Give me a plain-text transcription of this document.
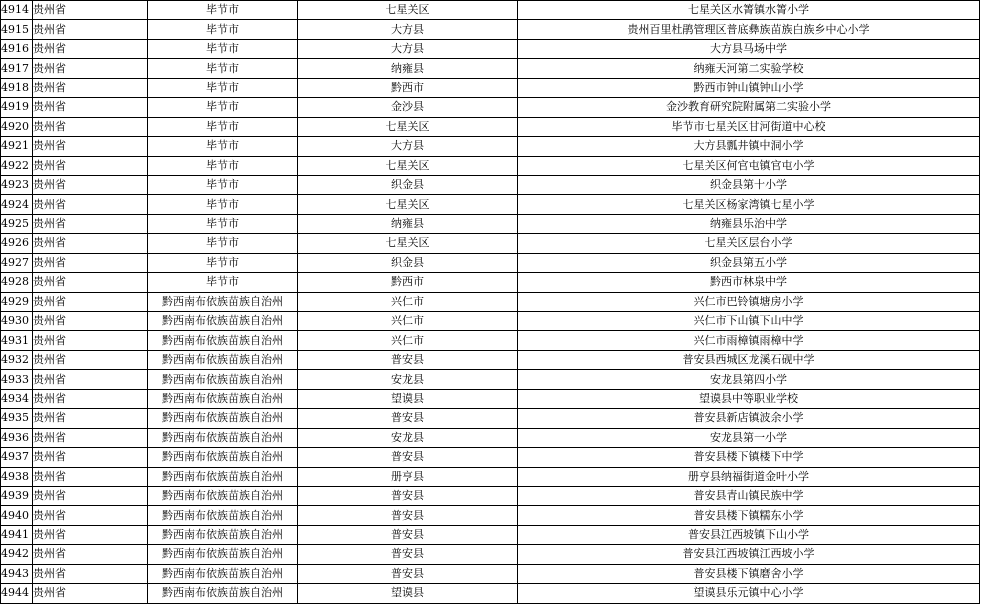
4914	贵州省	毕节市	七星关区	七星关区水箐镇水箐小学
4915	贵州省	毕节市	大方县	贵州百里杜鹃管理区普底彝族苗族白族乡中心小学
4916	贵州省	毕节市	大方县	大方县马场中学
4917	贵州省	毕节市	纳雍县	纳雍天河第二实验学校
4918	贵州省	毕节市	黔西市	黔西市钟山镇钟山小学
4919	贵州省	毕节市	金沙县	金沙教育研究院附属第二实验小学
4920	贵州省	毕节市	七星关区	毕节市七星关区甘河街道中心校
4921	贵州省	毕节市	大方县	大方县瓢井镇中洞小学
4922	贵州省	毕节市	七星关区	七星关区何官屯镇官屯小学
4923	贵州省	毕节市	织金县	织金县第十小学
4924	贵州省	毕节市	七星关区	七星关区杨家湾镇七星小学
4925	贵州省	毕节市	纳雍县	纳雍县乐治中学
4926	贵州省	毕节市	七星关区	七星关区层台小学
4927	贵州省	毕节市	织金县	织金县第五小学
4928	贵州省	毕节市	黔西市	黔西市林泉中学
4929	贵州省	黔西南布依族苗族自治州	兴仁市	兴仁市巴铃镇塘房小学
4930	贵州省	黔西南布依族苗族自治州	兴仁市	兴仁市下山镇下山中学
4931	贵州省	黔西南布依族苗族自治州	兴仁市	兴仁市雨樟镇雨樟中学
4932	贵州省	黔西南布依族苗族自治州	普安县	普安县西城区龙溪石砚中学
4933	贵州省	黔西南布依族苗族自治州	安龙县	安龙县第四小学
4934	贵州省	黔西南布依族苗族自治州	望谟县	望谟县中等职业学校
4935	贵州省	黔西南布依族苗族自治州	普安县	普安县新店镇波余小学
4936	贵州省	黔西南布依族苗族自治州	安龙县	安龙县第一小学
4937	贵州省	黔西南布依族苗族自治州	普安县	普安县楼下镇楼下中学
4938	贵州省	黔西南布依族苗族自治州	册亨县	册亨县纳福街道金叶小学
4939	贵州省	黔西南布依族苗族自治州	普安县	普安县青山镇民族中学
4940	贵州省	黔西南布依族苗族自治州	普安县	普安县楼下镇糯东小学
4941	贵州省	黔西南布依族苗族自治州	普安县	普安县江西坡镇下山小学
4942	贵州省	黔西南布依族苗族自治州	普安县	普安县江西坡镇江西坡小学
4943	贵州省	黔西南布依族苗族自治州	普安县	普安县楼下镇磨舍小学
4944	贵州省	黔西南布依族苗族自治州	望谟县	望谟县乐元镇中心小学
